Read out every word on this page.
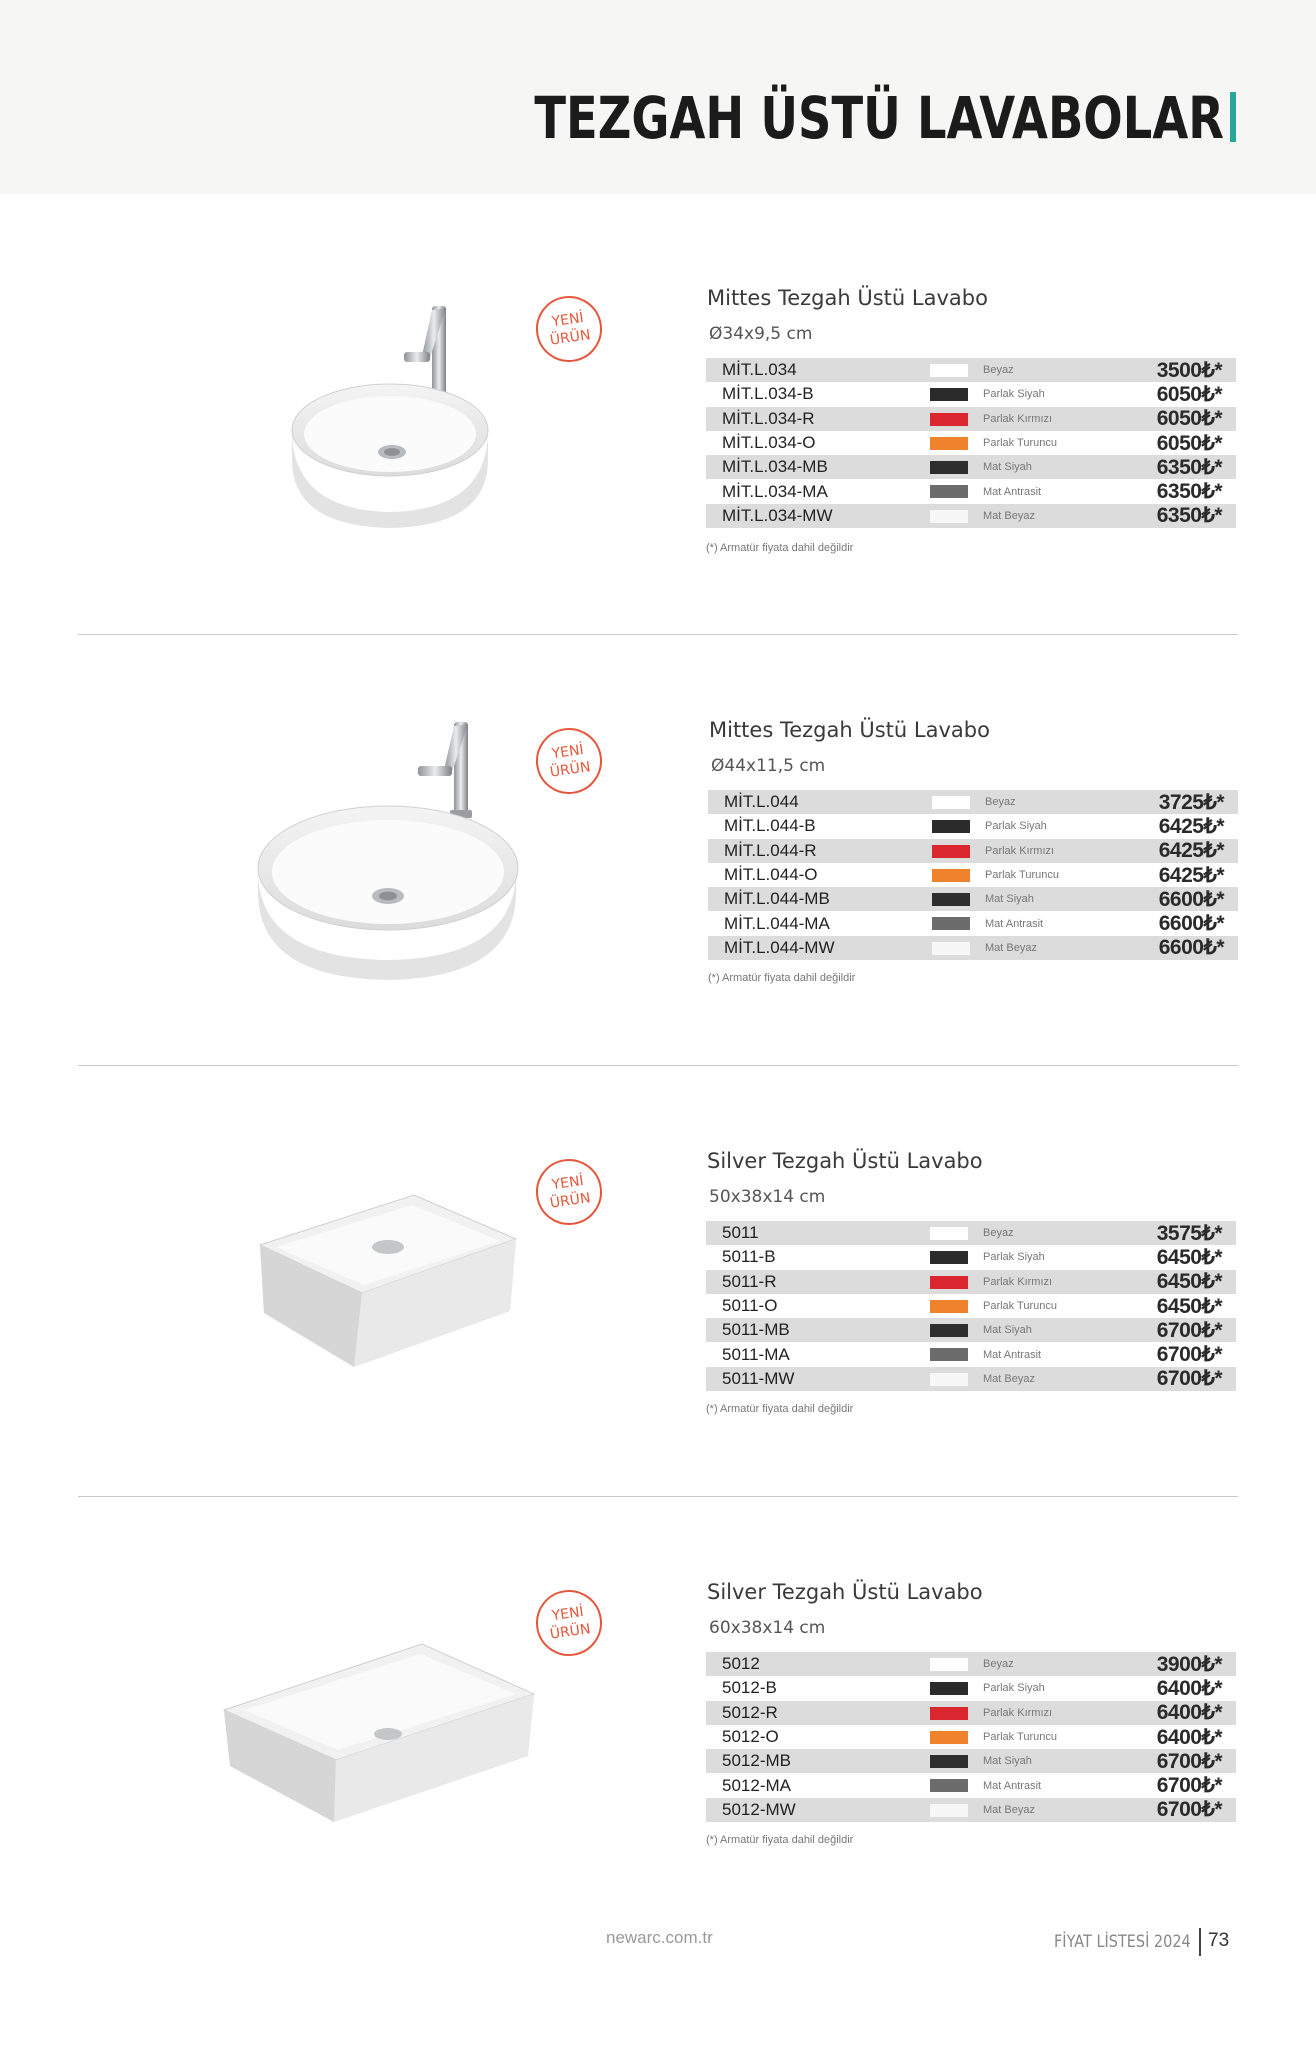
TEZGAH ÜSTÜ LAVABOLAR
YENİ
ÜRÜN
Mittes Tezgah Üstü Lavabo
Ø34x9,5 cm
MİT.L.034	Beyaz	3500₺*
MİT.L.034-B	Parlak Siyah	6050₺*
MİT.L.034-R	Parlak Kırmızı	6050₺*
MİT.L.034-O	Parlak Turuncu	6050₺*
MİT.L.034-MB	Mat Siyah	6350₺*
MİT.L.034-MA	Mat Antrasit	6350₺*
MİT.L.034-MW	Mat Beyaz	6350₺*
(*) Armatür fiyata dahil değildir
YENİ
ÜRÜN
Mittes Tezgah Üstü Lavabo
Ø44x11,5 cm
MİT.L.044	Beyaz	3725₺*
MİT.L.044-B	Parlak Siyah	6425₺*
MİT.L.044-R	Parlak Kırmızı	6425₺*
MİT.L.044-O	Parlak Turuncu	6425₺*
MİT.L.044-MB	Mat Siyah	6600₺*
MİT.L.044-MA	Mat Antrasit	6600₺*
MİT.L.044-MW	Mat Beyaz	6600₺*
(*) Armatür fiyata dahil değildir
YENİ
ÜRÜN
Silver Tezgah Üstü Lavabo
50x38x14 cm
5011	Beyaz	3575₺*
5011-B	Parlak Siyah	6450₺*
5011-R	Parlak Kırmızı	6450₺*
5011-O	Parlak Turuncu	6450₺*
5011-MB	Mat Siyah	6700₺*
5011-MA	Mat Antrasit	6700₺*
5011-MW	Mat Beyaz	6700₺*
(*) Armatür fiyata dahil değildir
YENİ
ÜRÜN
Silver Tezgah Üstü Lavabo
60x38x14 cm
5012	Beyaz	3900₺*
5012-B	Parlak Siyah	6400₺*
5012-R	Parlak Kırmızı	6400₺*
5012-O	Parlak Turuncu	6400₺*
5012-MB	Mat Siyah	6700₺*
5012-MA	Mat Antrasit	6700₺*
5012-MW	Mat Beyaz	6700₺*
(*) Armatür fiyata dahil değildir
newarc.com.tr	FİYAT LİSTESİ 2024 73
